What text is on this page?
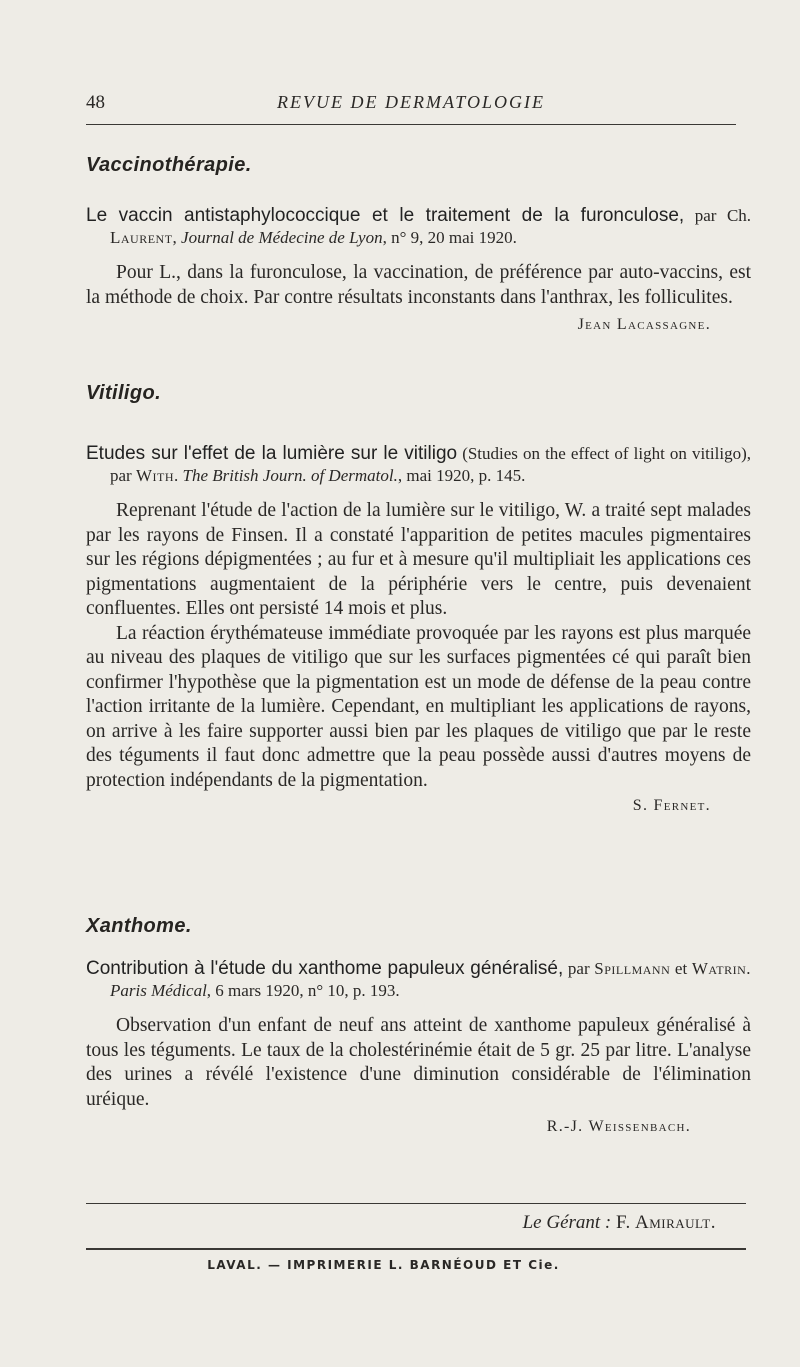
48	REVUE DE DERMATOLOGIE
Vaccinothérapie.
Le vaccin antistaphylococcique et le traitement de la furonculose, par Ch. Laurent, Journal de Médecine de Lyon, n° 9, 20 mai 1920.

Pour L., dans la furonculose, la vaccination, de préférence par auto-vaccins, est la méthode de choix. Par contre résultats inconstants dans l'anthrax, les folliculites.

Jean Lacassagne.
Vitiligo.
Etudes sur l'effet de la lumière sur le vitiligo (Studies on the effect of light on vitiligo), par With. The British Journ. of Dermatol., mai 1920, p. 145.

Reprenant l'étude de l'action de la lumière sur le vitiligo, W. a traité sept malades par les rayons de Finsen. Il a constaté l'apparition de petites macules pigmentaires sur les régions dépigmentées ; au fur et à mesure qu'il multipliait les applications ces pigmentations augmentaient de la périphérie vers le centre, puis devenaient confluentes. Elles ont persisté 14 mois et plus.

La réaction érythémateuse immédiate provoquée par les rayons est plus marquée au niveau des plaques de vitiligo que sur les surfaces pigmentées cé qui paraît bien confirmer l'hypothèse que la pigmentation est un mode de défense de la peau contre l'action irritante de la lumière. Cependant, en multipliant les applications de rayons, on arrive à les faire supporter aussi bien par les plaques de vitiligo que par le reste des téguments il faut donc admettre que la peau possède aussi d'autres moyens de protection indépendants de la pigmentation.

S. Fernet.
Xanthome.
Contribution à l'étude du xanthome papuleux généralisé, par Spillmann et Watrin. Paris Médical, 6 mars 1920, n° 10, p. 193.

Observation d'un enfant de neuf ans atteint de xanthome papuleux généralisé à tous les téguments. Le taux de la cholestérinémie était de 5 gr. 25 par litre. L'analyse des urines a révélé l'existence d'une diminution considérable de l'élimination uréique.

R.-J. Weissenbach.
Le Gérant : F. Amirault.
LAVAL. — IMPRIMERIE L. BARNÉOUD ET Cie.
